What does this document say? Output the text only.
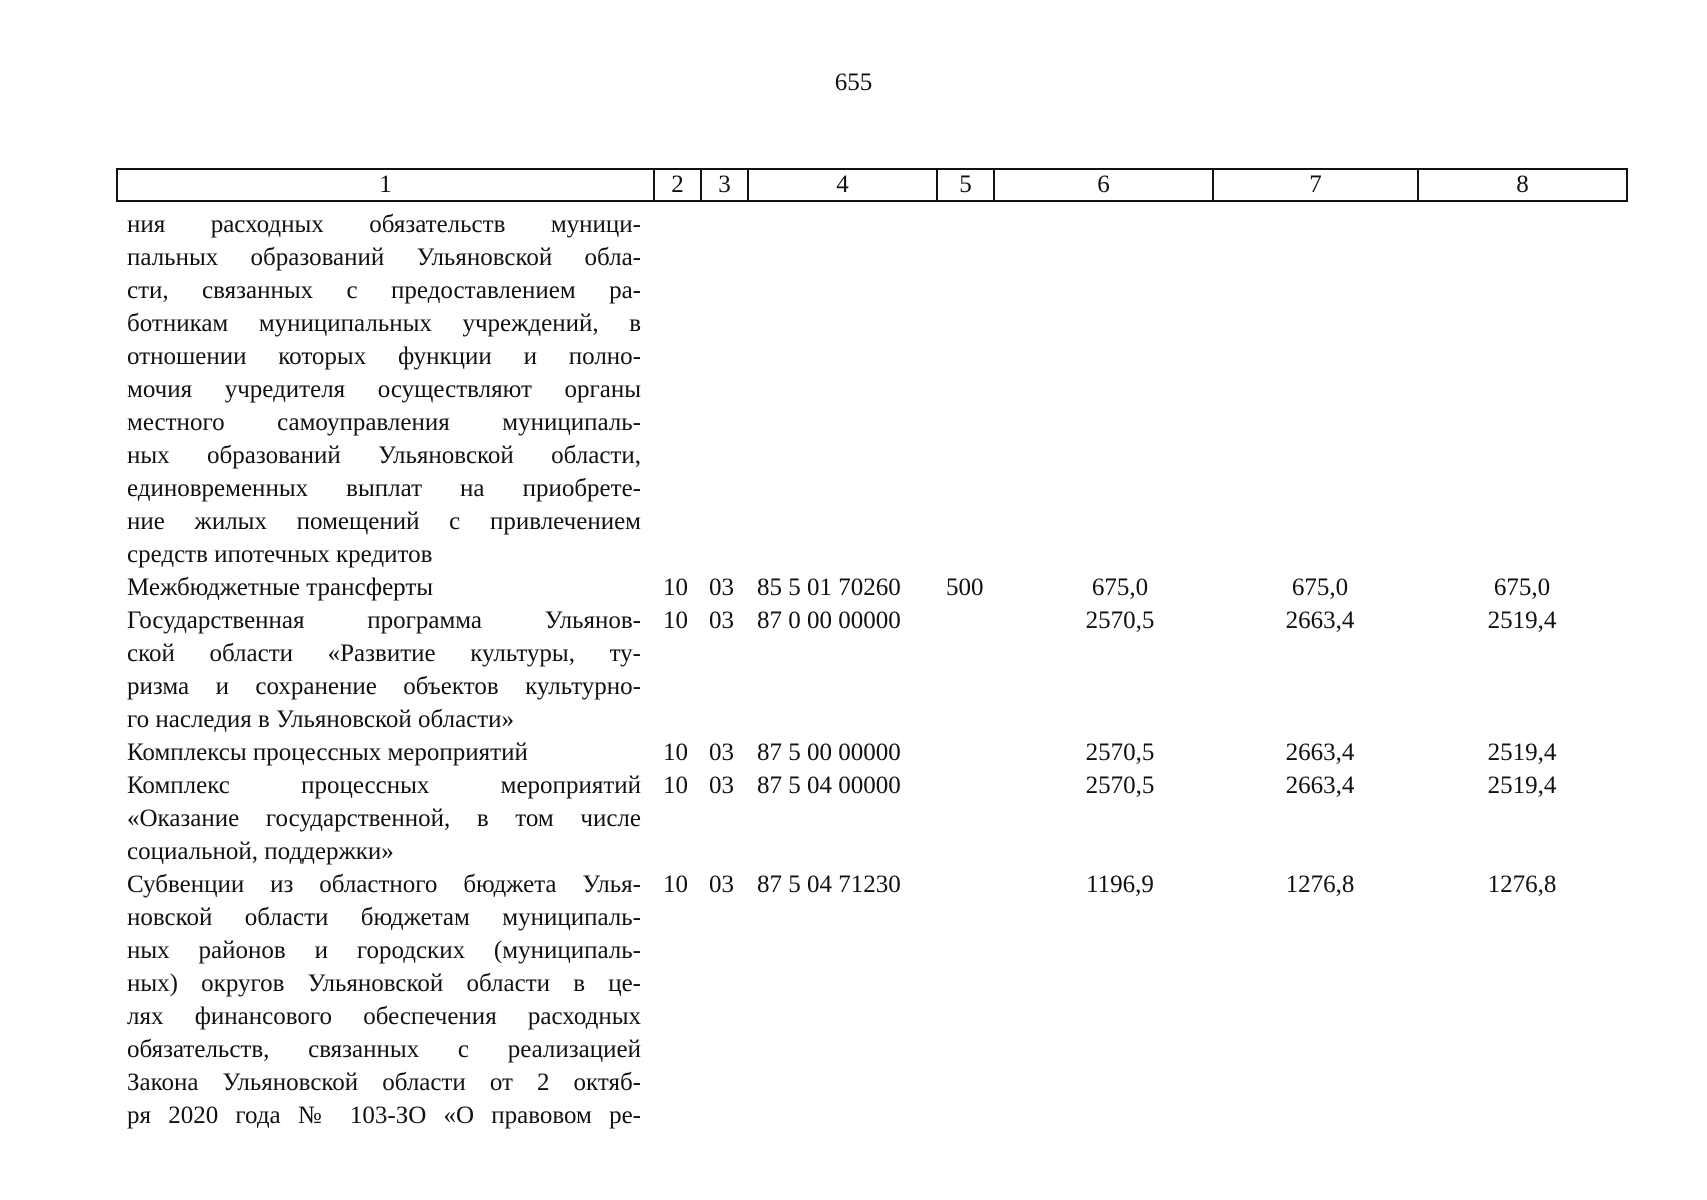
655
1	2	3	4	5	6	7	8
ния расходных обязательств муници-
пальных образований Ульяновской обла-
сти, связанных с предоставлением ра-
ботникам муниципальных учреждений, в
отношении которых функции и полно-
мочия учредителя осуществляют органы
местного самоуправления муниципаль-
ных образований Ульяновской области,
единовременных выплат на приобрете-
ние жилых помещений с привлечением
средств ипотечных кредитов
Межбюджетные трансферты	10 03 85 5 01 70260 500	675,0	675,0	675,0
Государственная программа Ульянов-
ской области «Развитие культуры, ту-
ризма и сохранение объектов культурно-
го наследия в Ульяновской области»
10 03 87 0 00 00000	2570,5	2663,4	2519,4
Комплексы процессных мероприятий	10 03 87 5 00 00000	2570,5	2663,4	2519,4
Комплекс процессных мероприятий
«Оказание государственной, в том числе
социальной, поддержки»
10 03 87 5 04 00000	2570,5	2663,4	2519,4
Субвенции из областного бюджета Улья-
новской области бюджетам муниципаль-
ных районов и городских (муниципаль-
ных) округов Ульяновской области в це-
лях финансового обеспечения расходных
обязательств, связанных с реализацией
Закона Ульяновской области от 2 октяб-
ря 2020 года № 103-ЗО «О правовом ре-
10 03 87 5 04 71230	1196,9	1276,8	1276,8
